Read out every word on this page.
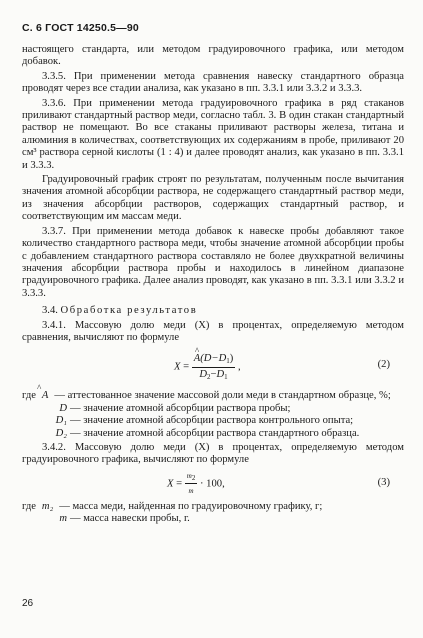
С. 6 ГОСТ 14250.5—90

настоящего стандарта, или методом градуировочного графика, или методом добавок.

3.3.5. При применении метода сравнения навеску стандартного образца проводят через все стадии анализа, как указано в пп. 3.3.1 или 3.3.2 и 3.3.3.

3.3.6. При применении метода градуировочного графика в ряд стаканов приливают стандартный раствор меди, согласно табл. 3. В один стакан стандартный раствор не помещают. Во все стаканы приливают растворы железа, титана и алюминия в количествах, соответствующих их содержаниям в пробе, приливают 20 см³ раствора серной кислоты (1 : 4) и далее проводят анализ, как указано в пп. 3.3.1 и 3.3.3.

Градуировочный график строят по результатам, полученным после вычитания значения атомной абсорбции раствора, не содержащего стандартный раствор меди, из значения абсорбции растворов, содержащих стандартный раствор, и соответствующим им массам меди.

3.3.7. При применении метода добавок к навеске пробы добавляют такое количество стандартного раствора меди, чтобы значение атомной абсорбции пробы с добавлением стандартного раствора составляло не более двухкратной величины значения абсорбции раствора пробы и находилось в линейном диапазоне градуировочного графика. Далее анализ проводят, как указано в пп. 3.3.1 или 3.3.2 и 3.3.3.

3.4. Обработка результатов

3.4.1. Массовую долю меди (X) в процентах, определяемую методом сравнения, вычисляют по формуле

X = ^ $\frac{A(D-D_1)}{D_2-D_1}$ ,	(2)
где ^ A — аттестованное значение массовой доли меди в стандартном образце, %;
D — значение атомной абсорбции раствора пробы;
D₁ — значение атомной абсорбции раствора контрольного опыта;
D₂ — значение атомной абсорбции раствора стандартного образца.

3.4.2. Массовую долю меди (X) в процентах, определяемую методом градуировочного графика, вычисляют по формуле

$X = \frac{m_2}{m} \cdot 100$,	(3)
где m₂ — масса меди, найденная по градуировочному графику, г;
m — масса навески пробы, г.
26
